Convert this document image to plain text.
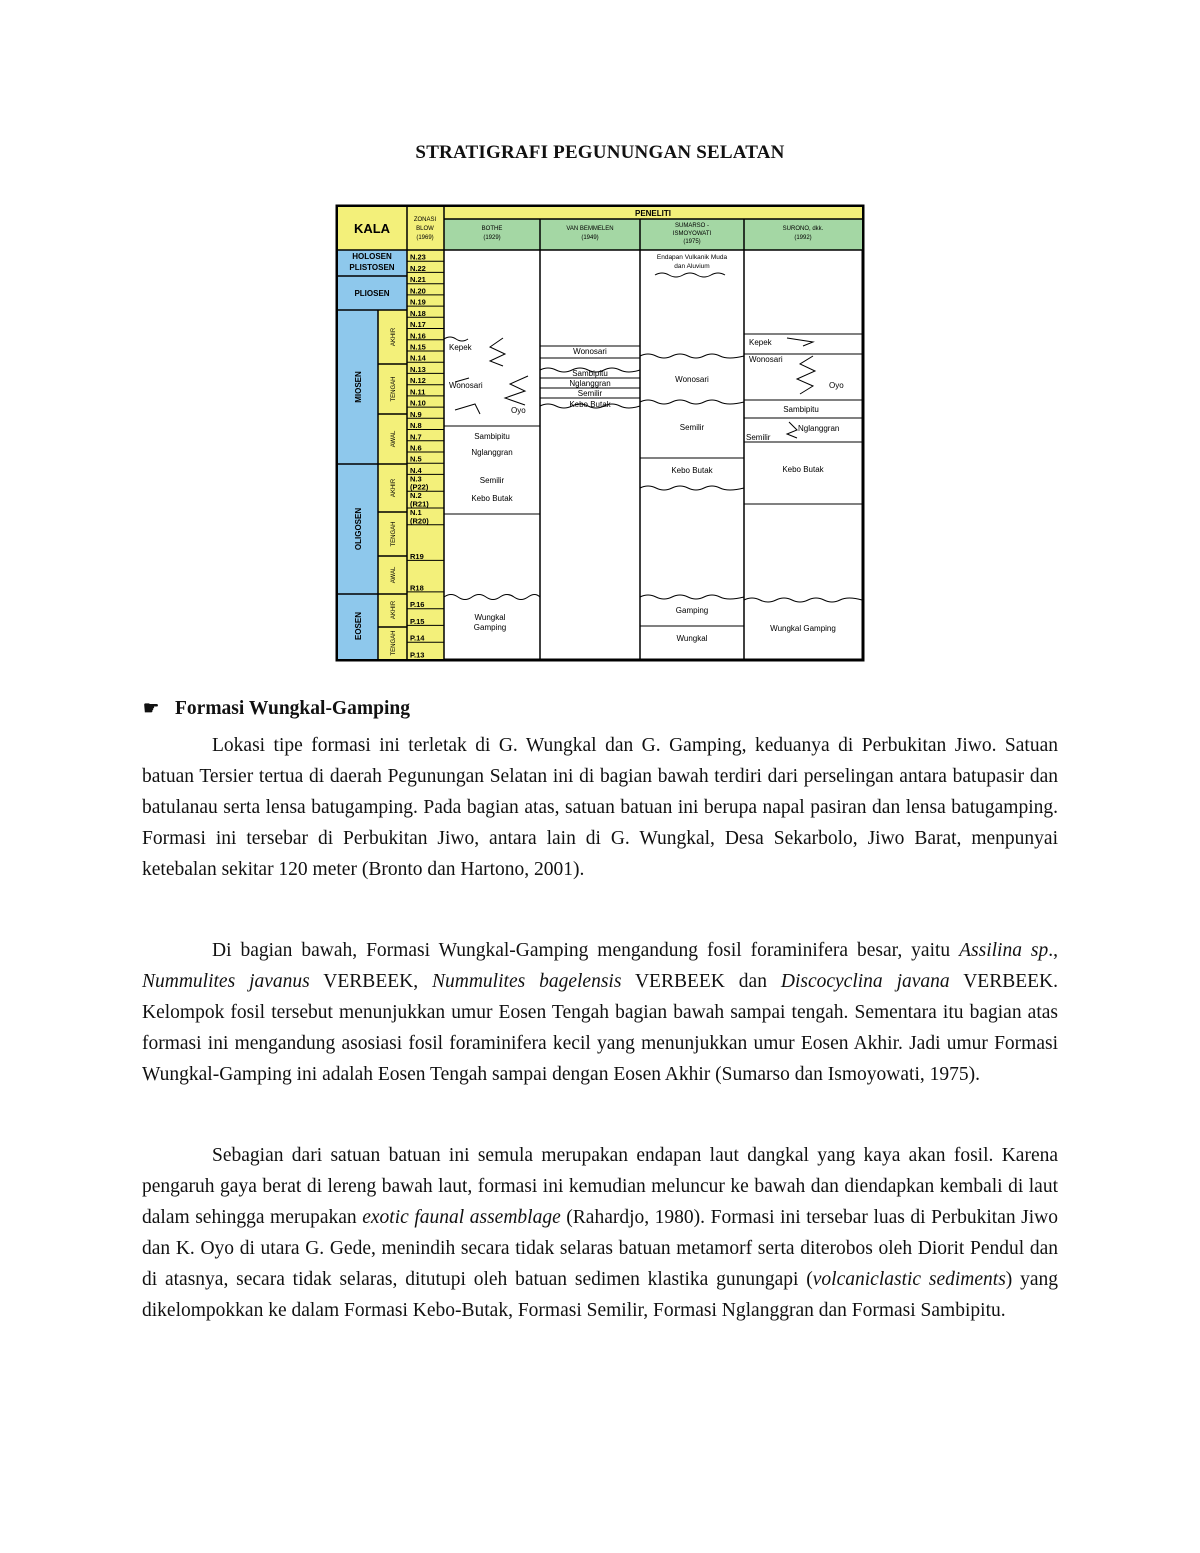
STRATIGRAFI PEGUNUNGAN SELATAN
KALA
ZONASI
BLOW
(1969)
PENELITI
BOTHE
(1929)
VAN BEMMELEN
(1949)
SUMARSO -
ISMOYOWATI
(1975)
SURONO, dkk.
(1992)
HOLOSEN
PLISTOSEN
PLIOSEN
MIOSEN
OLIGOSEN
EOSEN
AKHIR
TENGAH
AWAL
AKHIR
TENGAH
AWAL
AKHIR
TENGAH
N.23
N.22
N.21
N.20
N.19
N.18
N.17
N.16
N.15
N.14
N.13
N.12
N.11
N.10
N.9
N.8
N.7
N.6
N.5
N.4
N.3
(P22)
N.2
(R21)
N.1
(R20)
R19
R18
P.16
P.15
P.14
P.13
Kepek
Wonosari
Oyo
Sambipitu
Nglanggran
Semilir
Kebo Butak
Wungkal
Gamping
Wonosari
Sambipitu
Nglanggran
Semilir
Kebo Butak
Endapan Vulkanik Muda
dan Aluvium
Wonosari
Semilir
Kebo Butak
Gamping
Wungkal
Kepek
Wonosari
Oyo
Sambipitu
Nglanggran
Semilir
Kebo Butak
Wungkal Gamping
☛ Formasi Wungkal-Gamping

Lokasi tipe formasi ini terletak di G. Wungkal dan G. Gamping, keduanya di Perbukitan Jiwo. Satuan batuan Tersier tertua di daerah Pegunungan Selatan ini di bagian bawah terdiri dari perselingan antara batupasir dan batulanau serta lensa batugamping. Pada bagian atas, satuan batuan ini berupa napal pasiran dan lensa batugamping. Formasi ini tersebar di Perbukitan Jiwo, antara lain di G. Wungkal, Desa Sekarbolo, Jiwo Barat, menpunyai ketebalan sekitar 120 meter (Bronto dan Hartono, 2001).

Di bagian bawah, Formasi Wungkal-Gamping mengandung fosil foraminifera besar, yaitu Assilina sp., Nummulites javanus VERBEEK, Nummulites bagelensis VERBEEK dan Discocyclina javana VERBEEK. Kelompok fosil tersebut menunjukkan umur Eosen Tengah bagian bawah sampai tengah. Sementara itu bagian atas formasi ini mengandung asosiasi fosil foraminifera kecil yang menunjukkan umur Eosen Akhir. Jadi umur Formasi Wungkal-Gamping ini adalah Eosen Tengah sampai dengan Eosen Akhir (Sumarso dan Ismoyowati, 1975).

Sebagian dari satuan batuan ini semula merupakan endapan laut dangkal yang kaya akan fosil. Karena pengaruh gaya berat di lereng bawah laut, formasi ini kemudian meluncur ke bawah dan diendapkan kembali di laut dalam sehingga merupakan exotic faunal assemblage (Rahardjo, 1980). Formasi ini tersebar luas di Perbukitan Jiwo dan K. Oyo di utara G. Gede, menindih secara tidak selaras batuan metamorf serta diterobos oleh Diorit Pendul dan di atasnya, secara tidak selaras, ditutupi oleh batuan sedimen klastika gunungapi (volcaniclastic sediments) yang dikelompokkan ke dalam Formasi Kebo-Butak, Formasi Semilir, Formasi Nglanggran dan Formasi Sambipitu.
